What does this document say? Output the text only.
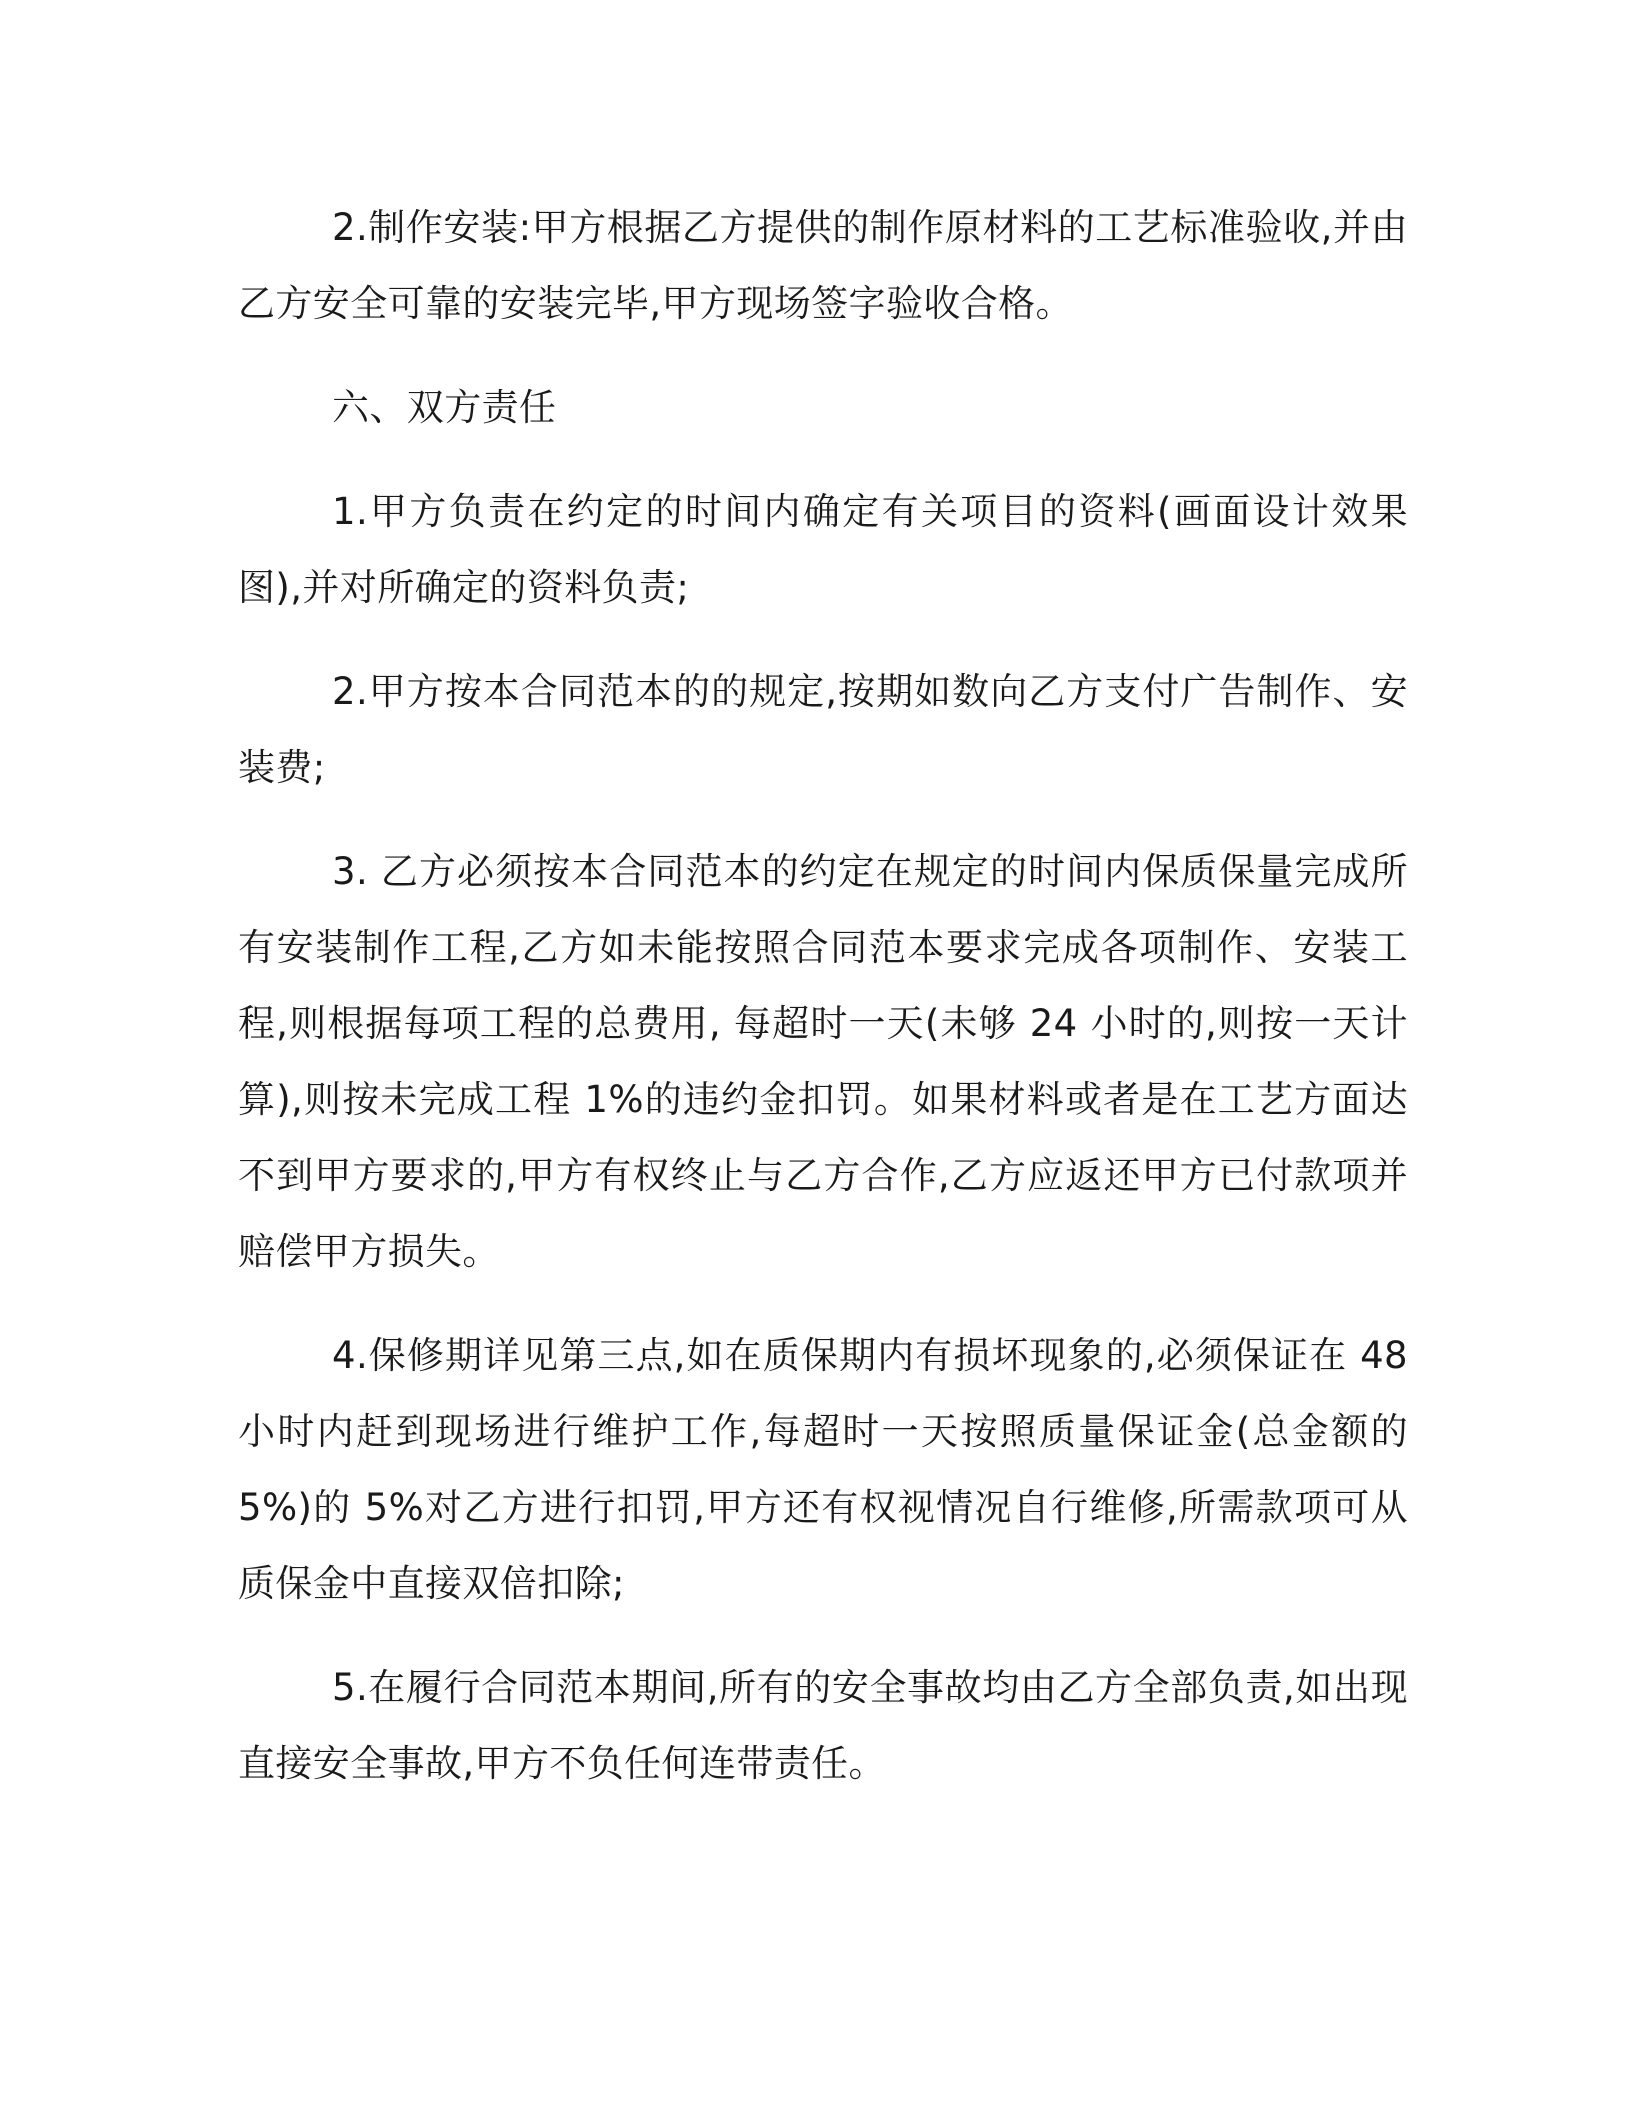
2.制作安装:甲方根据乙方提供的制作原材料的工艺标准验收,并由乙方安全可靠的安装完毕,甲方现场签字验收合格。

六、双方责任

1.甲方负责在约定的时间内确定有关项目的资料(画面设计效果图),并对所确定的资料负责;

2.甲方按本合同范本的的规定,按期如数向乙方支付广告制作、安装费;

3. 乙方必须按本合同范本的约定在规定的时间内保质保量完成所有安装制作工程,乙方如未能按照合同范本要求完成各项制作、安装工程,则根据每项工程的总费用, 每超时一天(未够 24 小时的,则按一天计算),则按未完成工程 1%的违约金扣罚。如果材料或者是在工艺方面达不到甲方要求的,甲方有权终止与乙方合作,乙方应返还甲方已付款项并赔偿甲方损失。

4.保修期详见第三点,如在质保期内有损坏现象的,必须保证在 48 小时内赶到现场进行维护工作,每超时一天按照质量保证金(总金额的 5%)的 5%对乙方进行扣罚,甲方还有权视情况自行维修,所需款项可从质保金中直接双倍扣除;

5.在履行合同范本期间,所有的安全事故均由乙方全部负责,如出现直接安全事故,甲方不负任何连带责任。
